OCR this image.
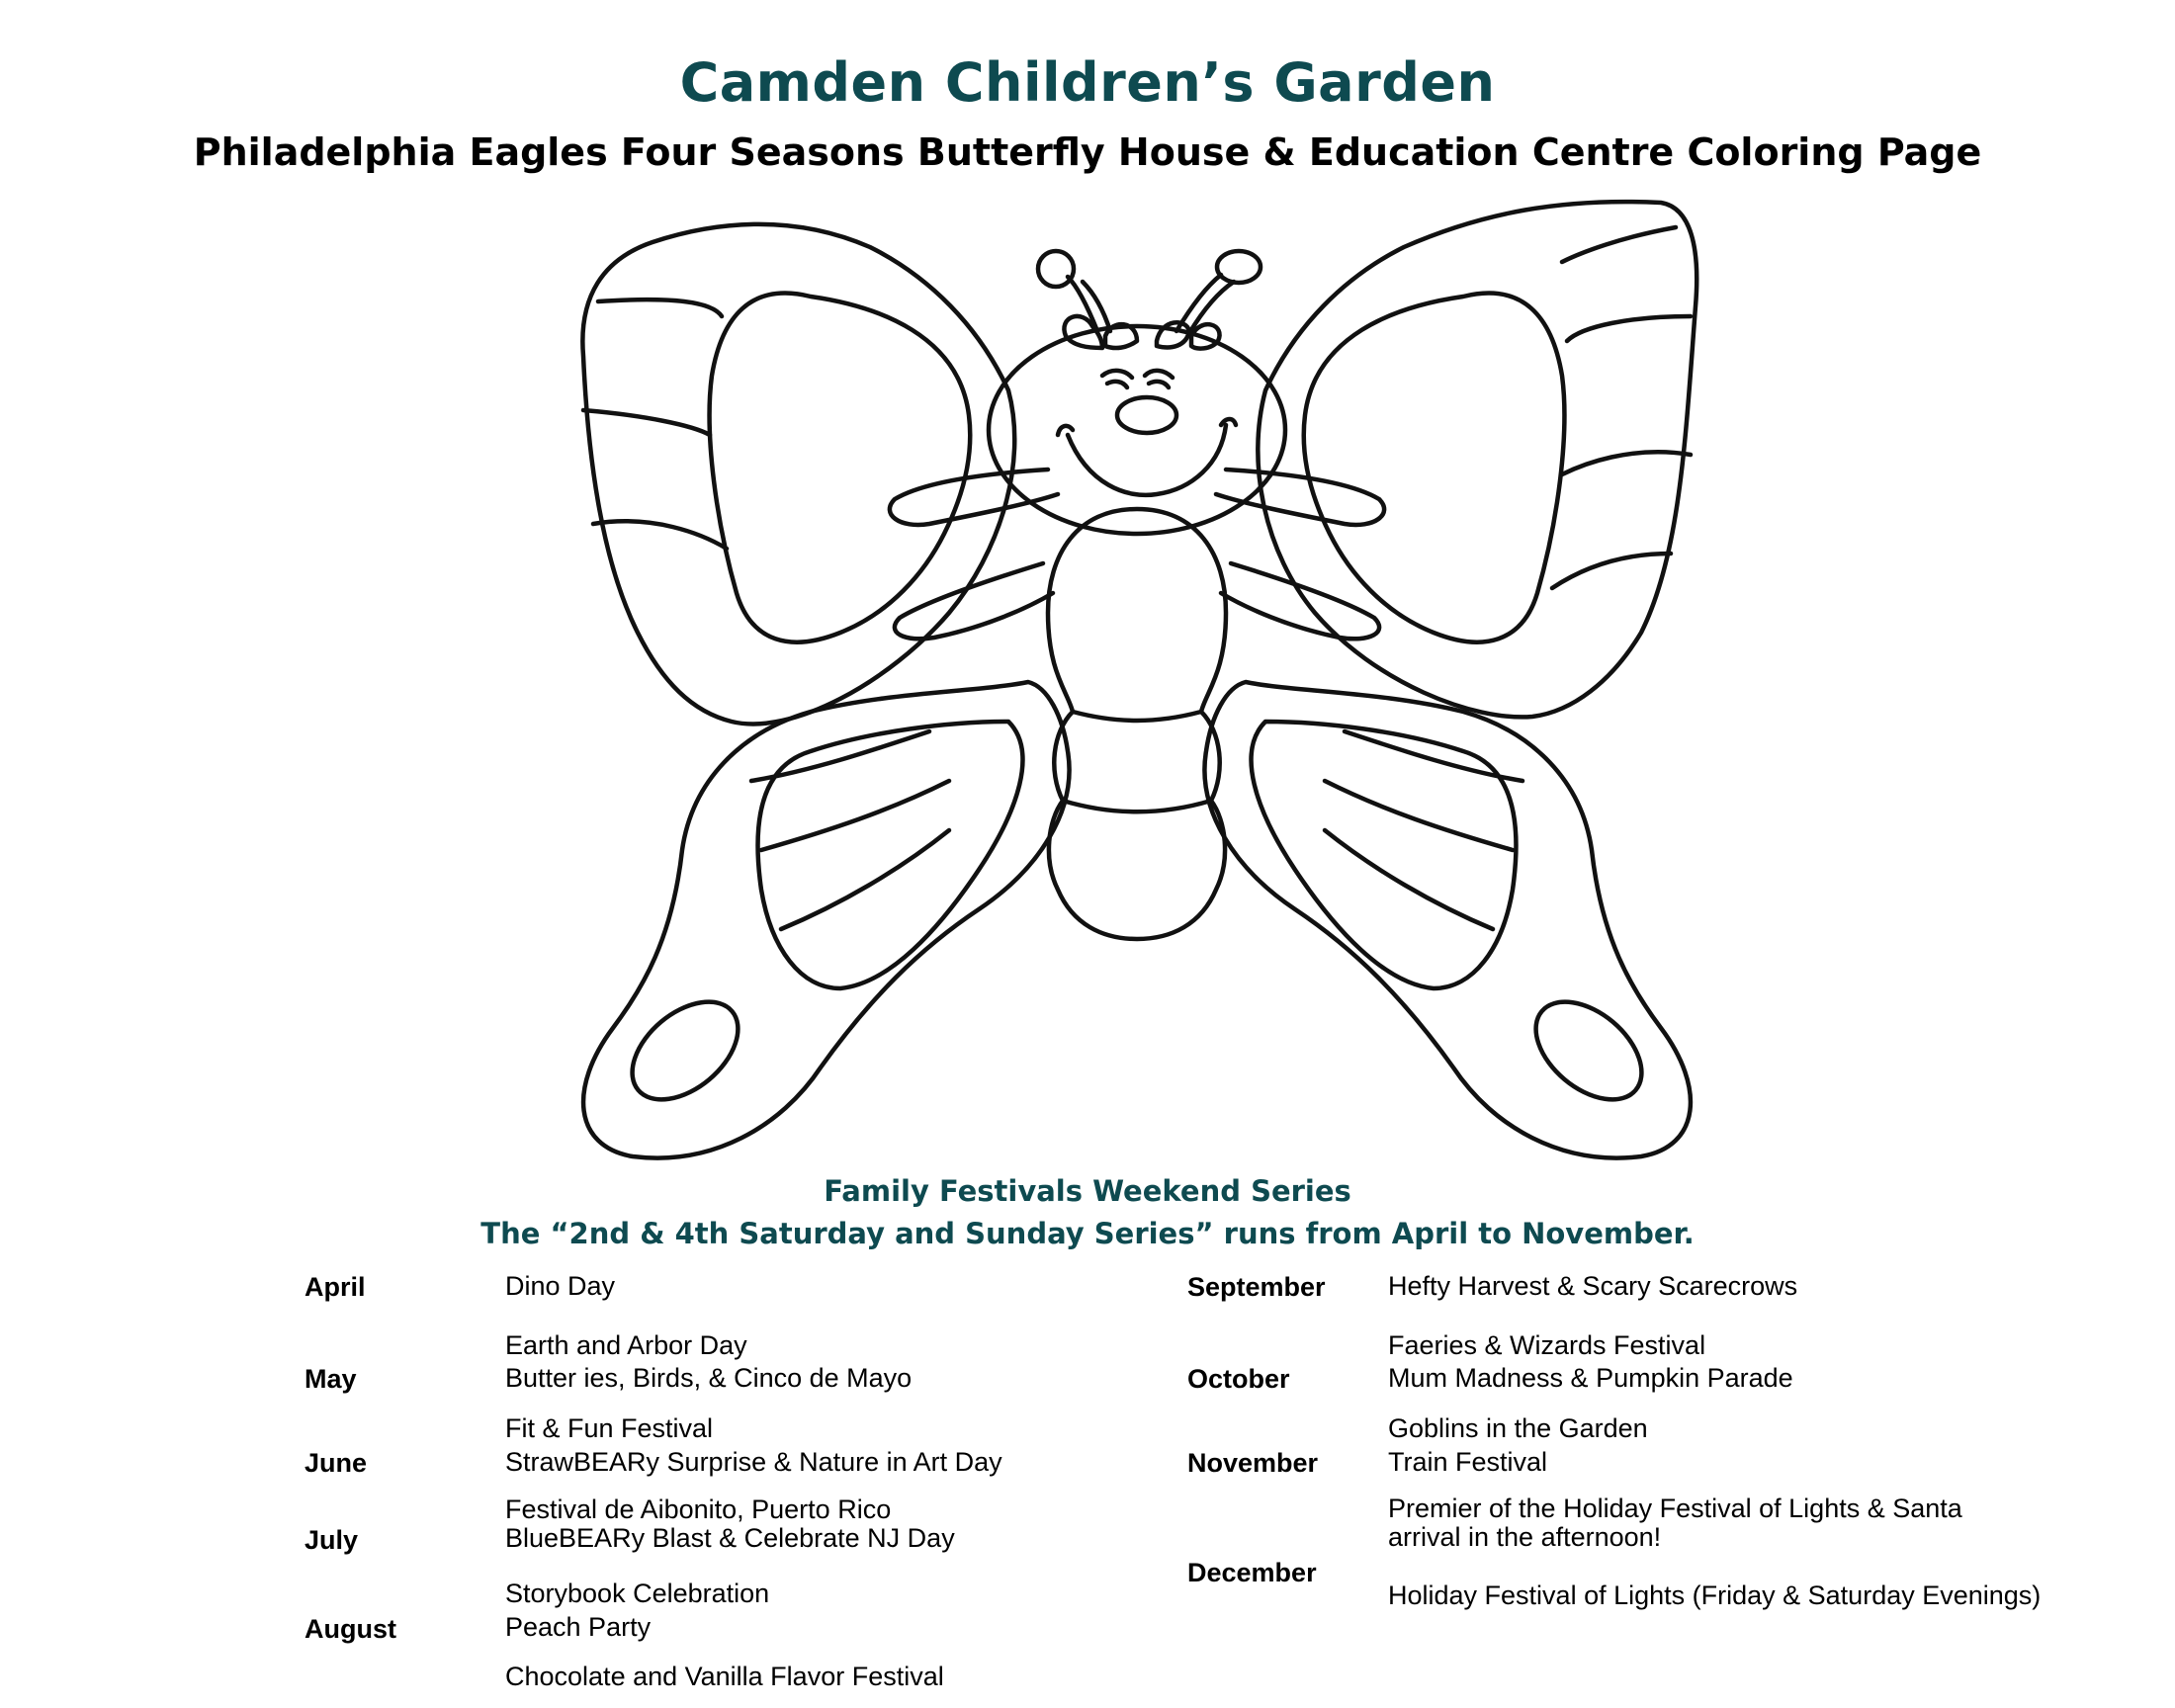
Camden Children’s Garden
Philadelphia Eagles Four Seasons Butterfly House & Education Centre Coloring Page
Family Festivals Weekend Series
The “2nd & 4th Saturday and Sunday Series” runs from April to November.
April	Dino Day
Earth and Arbor Day
May	Butter ies, Birds, & Cinco de Mayo
Fit & Fun Festival
June	StrawBEARy Surprise & Nature in Art Day
Festival de Aibonito, Puerto Rico
July	BlueBEARy Blast & Celebrate NJ Day
Storybook Celebration
August	Peach Party
Chocolate and Vanilla Flavor Festival
September Hefty Harvest & Scary Scarecrows
Faeries & Wizards Festival
October	Mum Madness & Pumpkin Parade
Goblins in the Garden
November	Train Festival
Premier of the Holiday Festival of Lights & Santa arrival in the afternoon!
December
Holiday Festival of Lights (Friday & Saturday Evenings)
